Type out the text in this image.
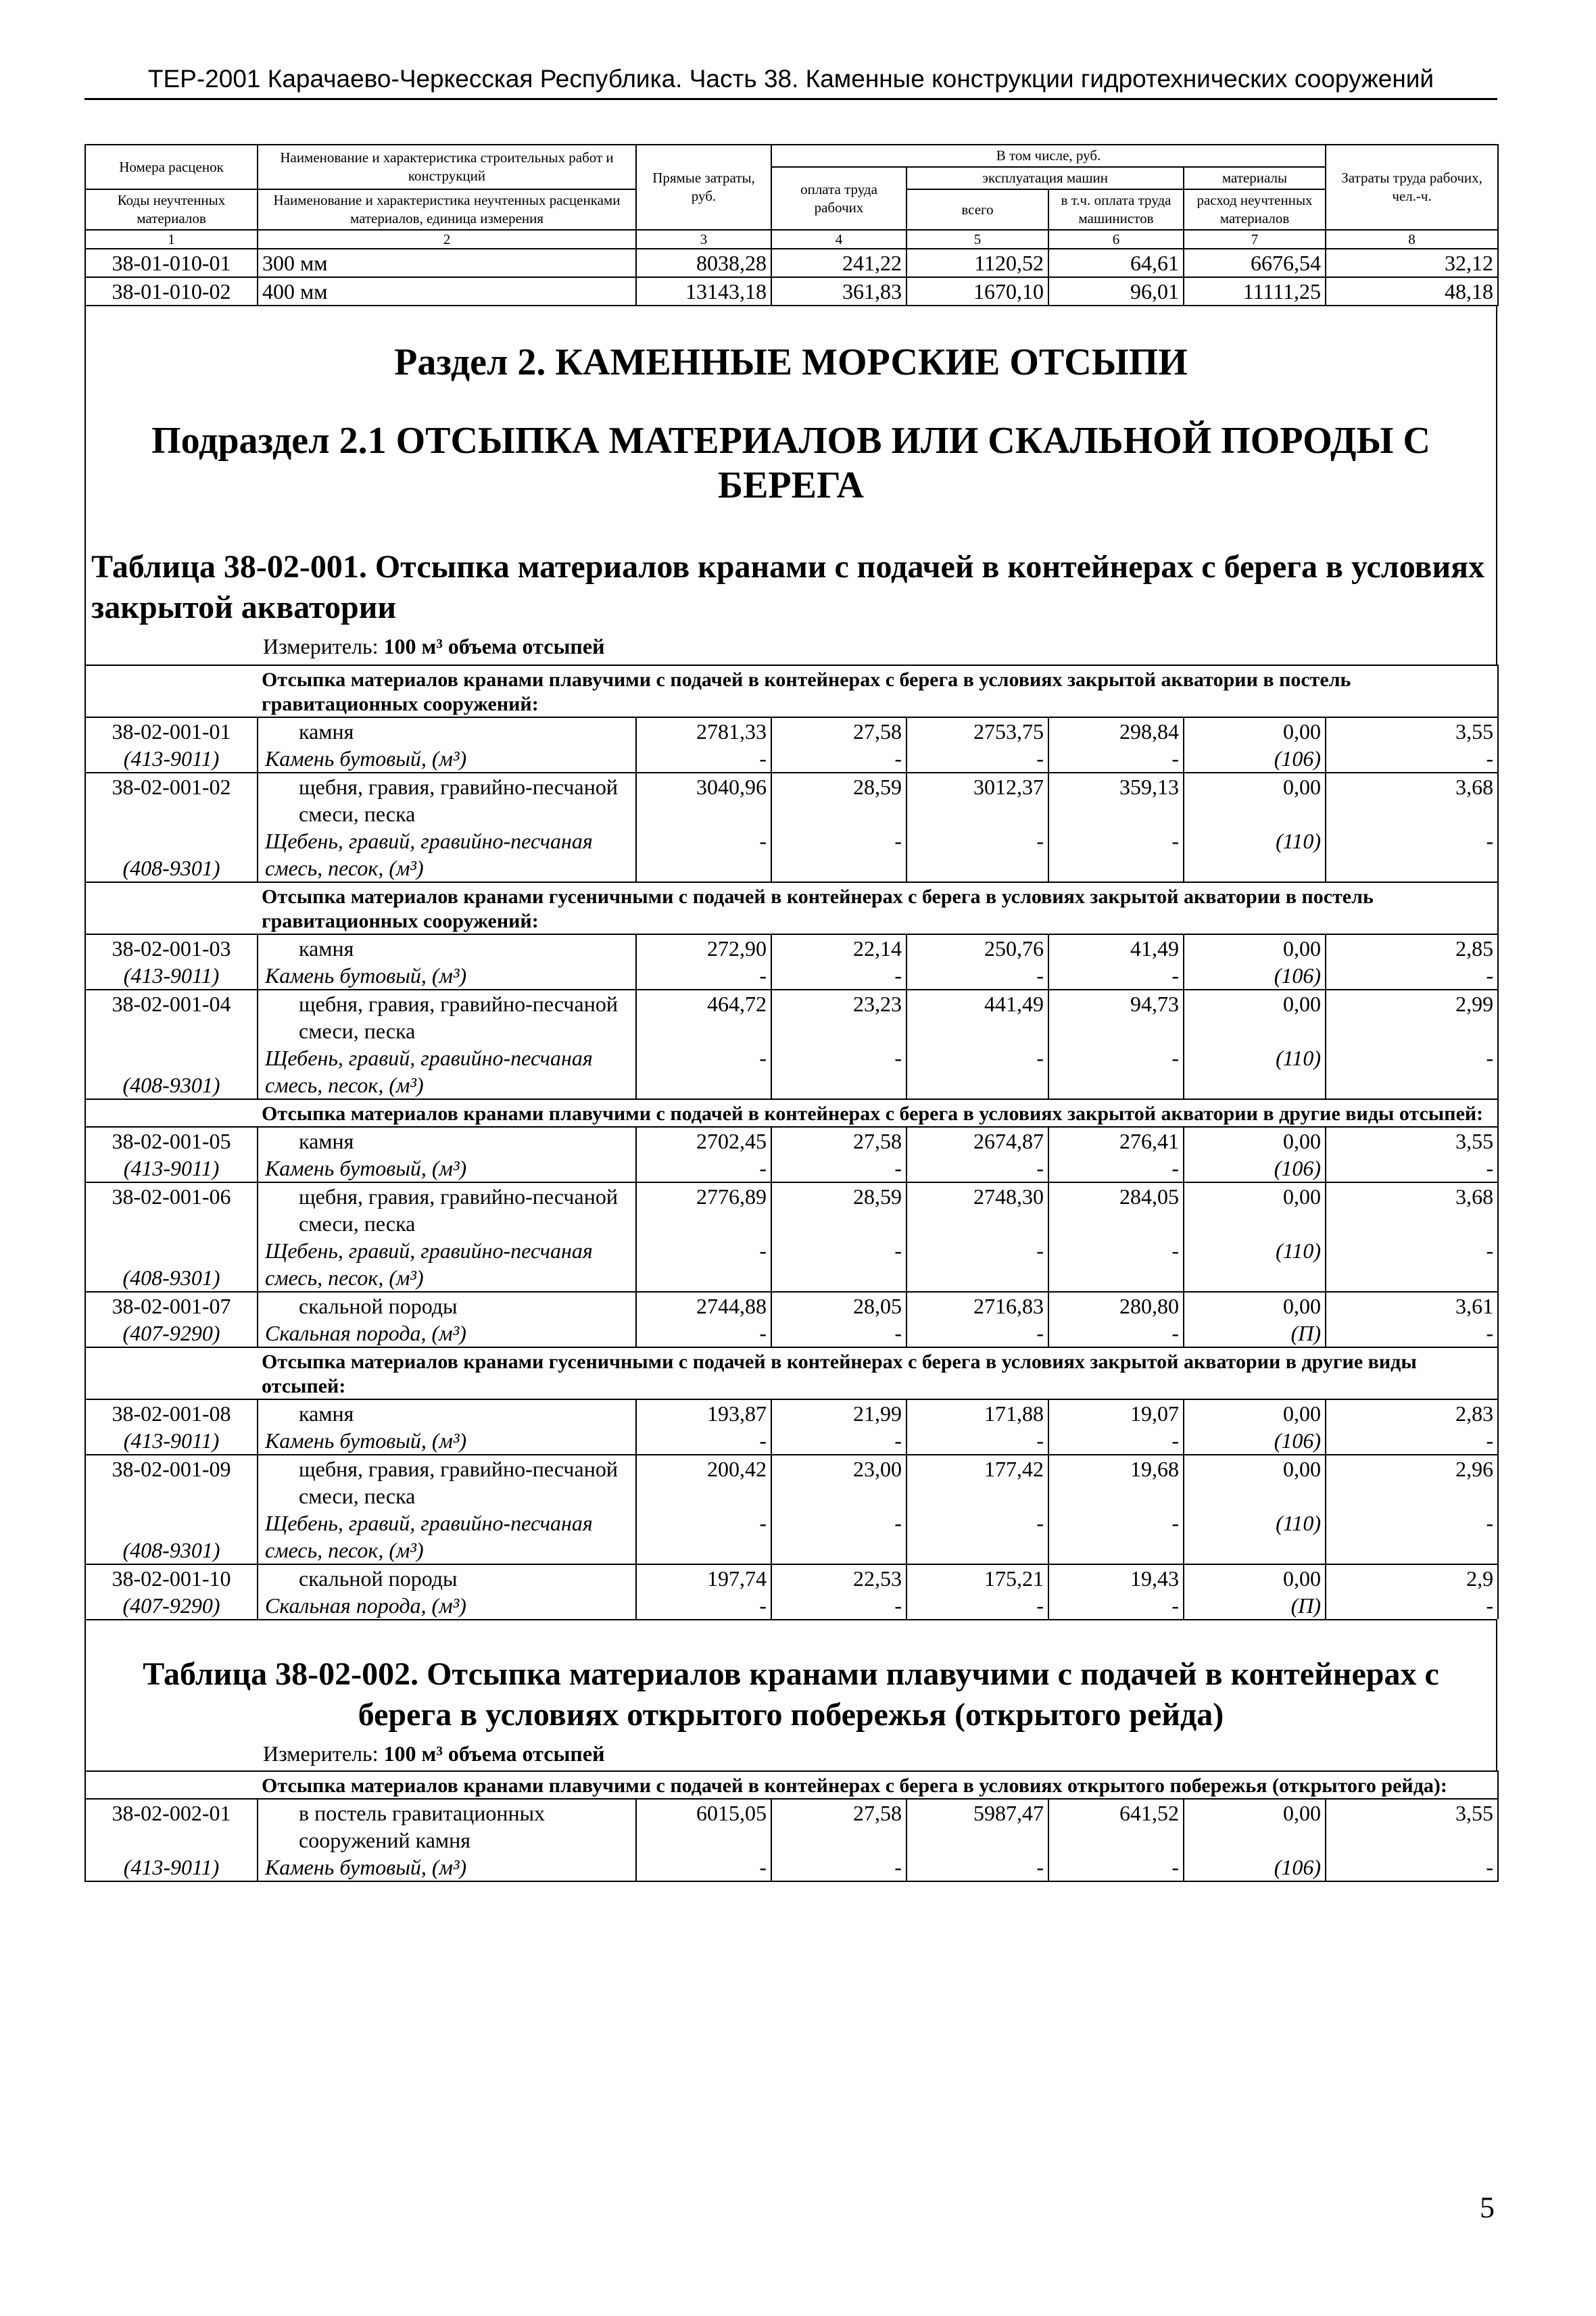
ТЕР-2001 Карачаево-Черкесская Республика. Часть 38. Каменные конструкции гидротехнических сооружений
Номера расценок	Наименование и характеристика строительных работ и конструкций	Прямые затраты, руб.	В том числе, руб.				Затраты труда рабочих, чел.-ч.
			оплата труда рабочих	эксплуатация машин		материалы	
Коды неучтенных материалов	Наименование и характеристика неучтенных расценками материалов, единица измерения			всего	в т.ч. оплата труда машинистов	расход неучтенных материалов	

1	2	3	4	5	6	7	8
38-01-010-01	300 мм	8038,28	241,22	1120,52	64,61	6676,54	32,12
38-01-010-02	400 мм	13143,18	361,83	1670,10	96,01	11111,25	48,18
Раздел 2. КАМЕННЫЕ МОРСКИЕ ОТСЫПИ
Подраздел 2.1 ОТСЫПКА МАТЕРИАЛОВ ИЛИ СКАЛЬНОЙ ПОРОДЫ С БЕРЕГА
Таблица 38-02-001. Отсыпка материалов кранами с подачей в контейнерах с берега в условиях закрытой акватории
Измеритель: 100 м³ объема отсыпей
Отсыпка материалов кранами плавучими с подачей в контейнерах с берега в условиях закрытой акватории в постель гравитационных сооружений:							
38-02-001-01	камня	2781,33	27,58	2753,75	298,84	0,00	3,55
(413-9011)	Камень бутовый, (м³)	-	-	-	-	(106)	-
38-02-001-02	щебня, гравия, гравийно-песчаной смеси, песка	3040,96	28,59	3012,37	359,13	0,00	3,68
(408-9301)	Щебень, гравий, гравийно-песчаная смесь, песок, (м³)	-	-	-	-	(110)	-
Отсыпка материалов кранами гусеничными с подачей в контейнерах с берега в условиях закрытой акватории в постель гравитационных сооружений:							
38-02-001-03	камня	272,90	22,14	250,76	41,49	0,00	2,85
(413-9011)	Камень бутовый, (м³)	-	-	-	-	(106)	-
38-02-001-04	щебня, гравия, гравийно-песчаной смеси, песка	464,72	23,23	441,49	94,73	0,00	2,99
(408-9301)	Щебень, гравий, гравийно-песчаная смесь, песок, (м³)	-	-	-	-	(110)	-
Отсыпка материалов кранами плавучими с подачей в контейнерах с берега в условиях закрытой акватории в другие виды отсыпей:							
38-02-001-05	камня	2702,45	27,58	2674,87	276,41	0,00	3,55
(413-9011)	Камень бутовый, (м³)	-	-	-	-	(106)	-
38-02-001-06	щебня, гравия, гравийно-песчаной смеси, песка	2776,89	28,59	2748,30	284,05	0,00	3,68
(408-9301)	Щебень, гравий, гравийно-песчаная смесь, песок, (м³)	-	-	-	-	(110)	-
38-02-001-07	скальной породы	2744,88	28,05	2716,83	280,80	0,00	3,61
(407-9290)	Скальная порода, (м³)	-	-	-	-	(П)	-
Отсыпка материалов кранами гусеничными с подачей в контейнерах с берега в условиях закрытой акватории в другие виды отсыпей:							
38-02-001-08	камня	193,87	21,99	171,88	19,07	0,00	2,83
(413-9011)	Камень бутовый, (м³)	-	-	-	-	(106)	-
38-02-001-09	щебня, гравия, гравийно-песчаной смеси, песка	200,42	23,00	177,42	19,68	0,00	2,96
(408-9301)	Щебень, гравий, гравийно-песчаная смесь, песок, (м³)	-	-	-	-	(110)	-
38-02-001-10	скальной породы	197,74	22,53	175,21	19,43	0,00	2,9
(407-9290)	Скальная порода, (м³)	-	-	-	-	(П)	-
Таблица 38-02-002. Отсыпка материалов кранами плавучими с подачей в контейнерах с берега в условиях открытого побережья (открытого рейда)
Измеритель: 100 м³ объема отсыпей
Отсыпка материалов кранами плавучими с подачей в контейнерах с берега в условиях открытого побережья (открытого рейда):							
38-02-002-01	в постель гравитационных сооружений камня	6015,05	27,58	5987,47	641,52	0,00	3,55
(413-9011)	Камень бутовый, (м³)	-	-	-	-	(106)	-
5
